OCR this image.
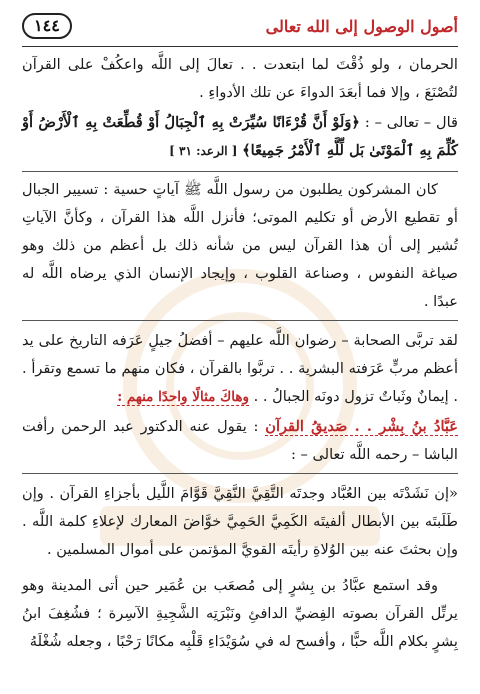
أصول الوصول إلى الله تعالى
١٤٤

الحرمان ، ولو ذُقْتَ لما ابتعدت . . تعالَ إلى اللَّه واعكُفْ على القرآن لتُصْنَعَ ، وإلا فما أبعَدَ الدواءَ عن تلك الأدواءِ .

قال – تعالى – : ﴿وَلَوْ أَنَّ قُرْءَانًا سُيِّرَتْ بِهِ ٱلْجِبَالُ أَوْ قُطِّعَتْ بِهِ ٱلْأَرْضُ أَوْ كُلِّمَ بِهِ ٱلْمَوْتَىٰ بَل لِّلَّهِ ٱلْأَمْرُ جَمِيعًا﴾ [ الرعد: ٣١ ]

كان المشركون يطلبون من رسول اللَّه ﷺ آياتٍ حسية : تسيير الجبال أو تقطيع الأرض أو تكليم الموتى؛ فأنزل اللَّه هذا القرآن ، وكأنَّ الآياتِ تُشير إلى أن هذا القرآن ليس من شأنه ذلك بل أعظم من ذلك وهو صياغة النفوس ، وصناعة القلوب ، وإيجاد الإنسان الذي يرضاه اللَّه له عبدًا .

لقد تربَّى الصحابة – رضوان اللَّه عليهم – أفضلُ جيلٍ عَرَفه التاريخ على يد أعظم مربٍّ عَرَفته البشرية . . تربَّوا بالقرآن ، فكان منهم ما تسمع وتقرأ . . إيمانٌ وثَباتٌ تزول دونَه الجبالُ . . وهاكَ مثالًا واحدًا منهم :

عَبَّادُ بنُ بِشْر . . صَديقُ القرآن : يقول عنه الدكتور عبد الرحمن رأفت الباشا – رحمه اللَّه تعالى – :

«إن نَشَدْتَه بين العُبَّاد وجدتَه التَّقِيَّ النَّقِيَّ قَوَّامَ اللَّيل بأجزاءِ القرآن . وإن طَلَبتَه بين الأبطال ألفيتَه الكَمِيَّ الحَمِيَّ خوَّاضَ المعارك لإعلاءِ كلمة اللَّه . وإن بحثتَ عنه بين الوُلاةِ رأيتَه القويَّ المؤتمن على أموال المسلمين .

وقد استمع عبَّادُ بن بِشرٍ إلى مُصعَب بن عُمَير حين أتى المدينة وهو يرتِّل القرآن بصوته الفِضيِّ الدافئِ ونَبْرَتِه الشَّجِيةِ الآسِرة ؛ فشُغِفَ ابنُ بِشرٍ بكلام اللَّه حبًّا ، وأفسح له في سُوَيْدَاءِ قَلْبِه مكانًا رَحْبًا ، وجعله شُغْلَهُ
